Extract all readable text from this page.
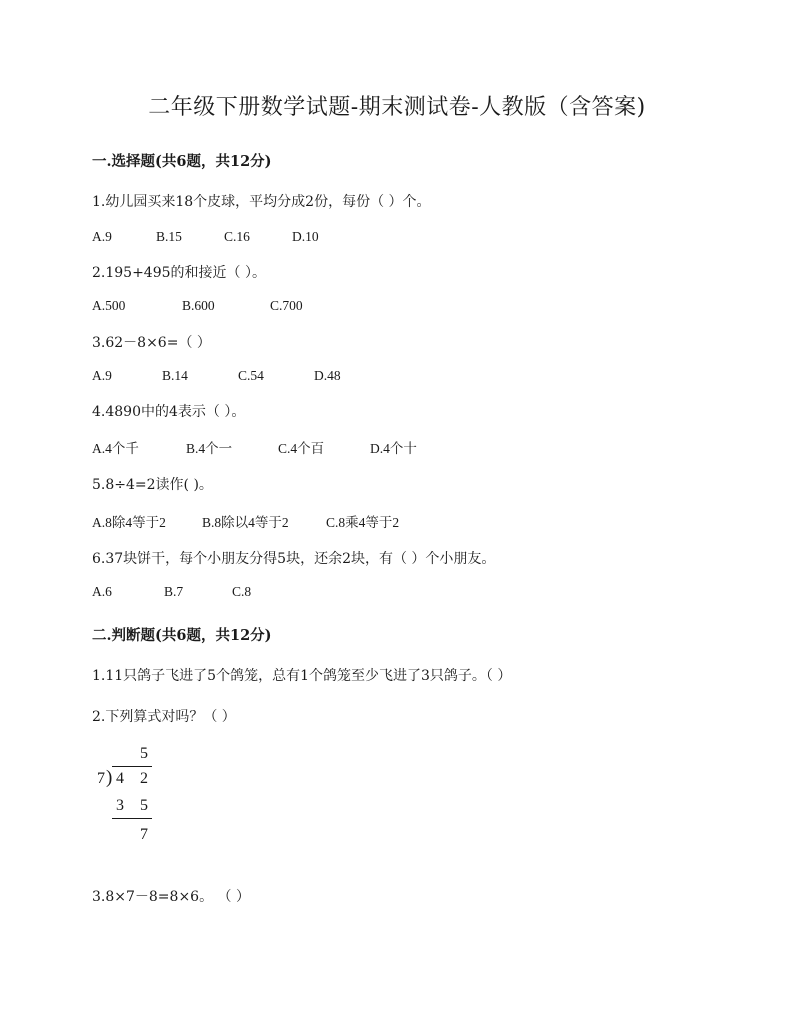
二年级下册数学试题-期末测试卷-人教版（含答案)
一.选择题(共6题，共12分)
1.幼儿园买来18个皮球，平均分成2份，每份（ ）个。
A.9	B.15	C.16	D.10
2.195+495的和接近（ ）。
A.500	B.600	C.700
3.62－8×6=（ ）
A.9	B.14	C.54	D.48
4.4890中的4表示（ ）。
A.4个千	B.4个一	C.4个百	D.4个十
5.8÷4=2读作( )。
A.8除4等于2	B.8除以4等于2	C.8乘4等于2
6.37块饼干，每个小朋友分得5块，还余2块，有（ ）个小朋友。
A.6	B.7	C.8
二.判断题(共6题，共12分)
1.11只鸽子飞进了5个鸽笼，总有1个鸽笼至少飞进了3只鸽子。（ ）
2.下列算式对吗？（ ）
5
7 ) 4 2
3 5
7
3.8×7－8=8×6。 （ ）
